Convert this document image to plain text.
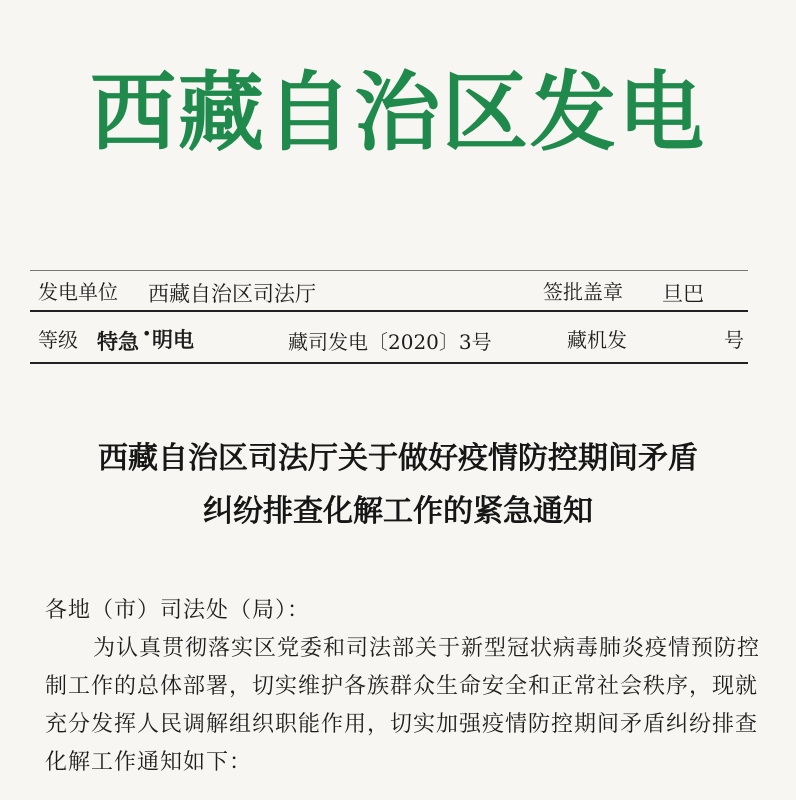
西藏自治区发电
发电单位 西藏自治区司法厅	签批盖章 旦巴
等级 特急 • 明电	藏司发电〔2020〕3号	藏机发	号
西藏自治区司法厅关于做好疫情防控期间矛盾
纠纷排查化解工作的紧急通知

各地（市）司法处（局）：

为认真贯彻落实区党委和司法部关于新型冠状病毒肺炎疫情预防控制工作的总体部署，切实维护各族群众生命安全和正常社会秩序，现就充分发挥人民调解组织职能作用，切实加强疫情防控期间矛盾纠纷排查化解工作通知如下：
